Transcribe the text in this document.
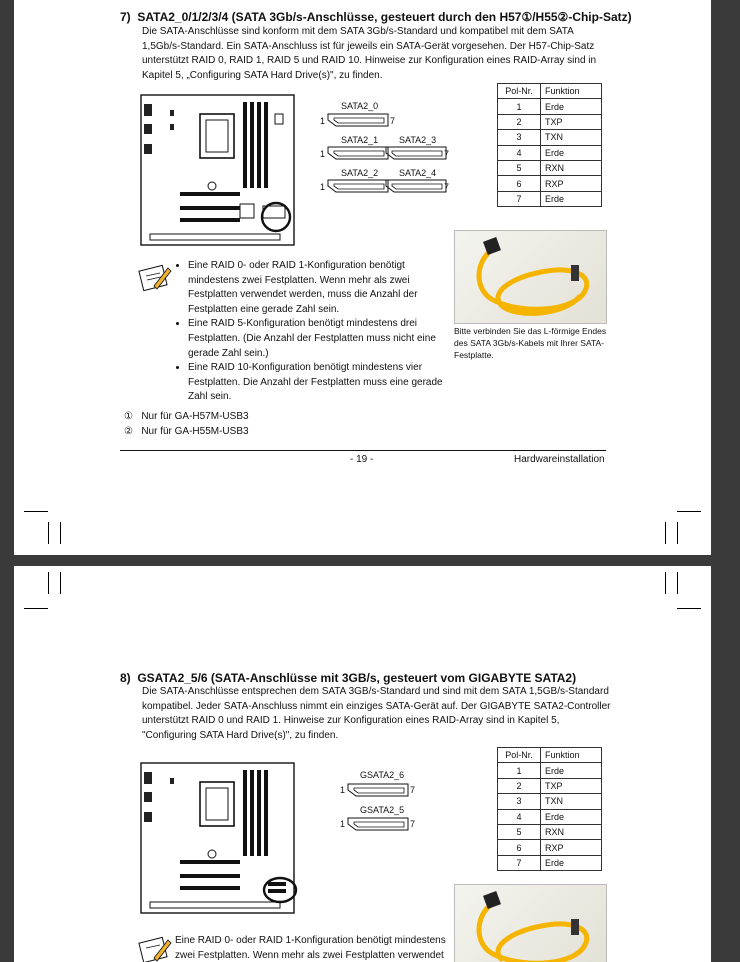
7) SATA2_0/1/2/3/4 (SATA 3Gb/s-Anschlüsse, gesteuert durch den H57①/H55②-Chip-Satz)
Die SATA-Anschlüsse sind konform mit dem SATA 3Gb/s-Standard und kompatibel mit dem SATA 1,5Gb/s-Standard. Ein SATA-Anschluss ist für jeweils ein SATA-Gerät vorgesehen. Der H57-Chip-Satz unterstützt RAID 0, RAID 1, RAID 5 und RAID 10. Hinweise zur Konfiguration eines RAID-Array sind in Kapitel 5, „Configuring SATA Hard Drive(s)", zu finden.
SATA2_0
SATA2_1 SATA2_3
SATA2_2 SATA2_4
1	7
1	7
1	7
Pol-Nr.	Funktion
1	Erde
2	TXP
3	TXN
4	Erde
5	RXN
6	RXP
7	Erde
Bitte verbinden Sie das L-förmige Endes des SATA 3Gb/s-Kabels mit Ihrer SATA-Festplatte.
• Eine RAID 0- oder RAID 1-Konfiguration benötigt mindestens zwei Festplatten. Wenn mehr als zwei Festplatten verwendet werden, muss die Anzahl der Festplatten eine gerade Zahl sein.
• Eine RAID 5-Konfiguration benötigt mindestens drei Festplatten. (Die Anzahl der Festplatten muss nicht eine gerade Zahl sein.)
• Eine RAID 10-Konfiguration benötigt mindestens vier Festplatten. Die Anzahl der Festplatten muss eine gerade Zahl sein.
① Nur für GA-H57M-USB3
② Nur für GA-H55M-USB3
- 19 -	Hardwareinstallation
8) GSATA2_5/6 (SATA-Anschlüsse mit 3GB/s, gesteuert vom GIGABYTE SATA2)
Die SATA-Anschlüsse entsprechen dem SATA 3GB/s-Standard und sind mit dem SATA 1,5GB/s-Standard kompatibel. Jeder SATA-Anschluss nimmt ein einziges SATA-Gerät auf. Der GIGABYTE SATA2-Controller unterstützt RAID 0 und RAID 1. Hinweise zur Konfiguration eines RAID-Array sind in Kapitel 5, "Configuring SATA Hard Drive(s)", zu finden.
GSATA2_6
GSATA2_5
1	7
1	7
Pol-Nr.	Funktion
1	Erde
2	TXP
3	TXN
4	Erde
5	RXN
6	RXP
7	Erde
Eine RAID 0- oder RAID 1-Konfiguration benötigt mindestens zwei Festplatten. Wenn mehr als zwei Festplatten verwendet
